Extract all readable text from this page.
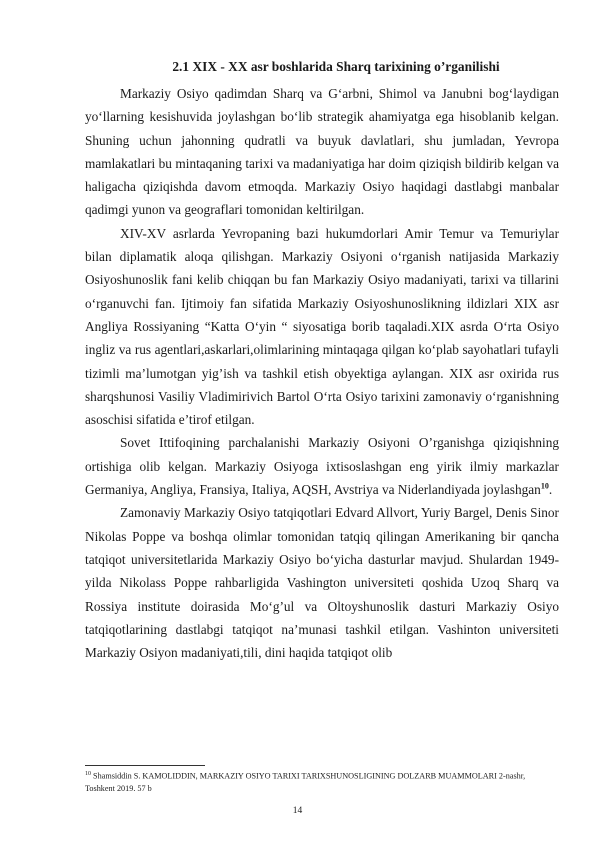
2.1 XIX - XX asr boshlarida Sharq tarixining o’rganilishi

Markaziy Osiyo qadimdan Sharq va G‘arbni, Shimol va Janubni bog‘laydigan yo‘llarning kesishuvida joylashgan bo‘lib strategik ahamiyatga ega hisoblanib kelgan. Shuning uchun jahonning qudratli va buyuk davlatlari, shu jumladan, Yevropa mamlakatlari bu mintaqaning tarixi va madaniyatiga har doim qiziqish bildirib kelgan va haligacha qiziqishda davom etmoqda. Markaziy Osiyo haqidagi dastlabgi manbalar qadimgi yunon va geograflari tomonidan keltirilgan.

XIV-XV asrlarda Yevropaning bazi hukumdorlari Amir Temur va Temuriylar bilan diplamatik aloqa qilishgan. Markaziy Osiyoni o‘rganish natijasida Markaziy Osiyoshunoslik fani kelib chiqqan bu fan Markaziy Osiyo madaniyati, tarixi va tillarini o‘rganuvchi fan. Ijtimoiy fan sifatida Markaziy Osiyoshunoslikning ildizlari XIX asr Angliya Rossiyaning “Katta O‘yin “ siyosatiga borib taqaladi.XIX asrda O‘rta Osiyo ingliz va rus agentlari,askarlari,olimlarining mintaqaga qilgan ko‘plab sayohatlari tufayli tizimli ma’lumotgan yig’ish va tashkil etish obyektiga aylangan. XIX asr oxirida rus sharqshunosi Vasiliy Vladimirivich Bartol O‘rta Osiyo tarixini zamonaviy o‘rganishning asoschisi sifatida e’tirof etilgan.

Sovet Ittifoqining parchalanishi Markaziy Osiyoni O’rganishga qiziqishning ortishiga olib kelgan. Markaziy Osiyoga ixtisoslashgan eng yirik ilmiy markazlar Germaniya, Angliya, Fransiya, Italiya, AQSH, Avstriya va Niderlandiyada joylashgan$^{10}$.

Zamonaviy Markaziy Osiyo tatqiqotlari Edvard Allvort, Yuriy Bargel, Denis Sinor Nikolas Poppe va boshqa olimlar tomonidan tatqiq qilingan Amerikaning bir qancha tatqiqot universitetlarida Markaziy Osiyo bo‘yicha dasturlar mavjud. Shulardan 1949-yilda Nikolass Poppe rahbarligida Vashington universiteti qoshida Uzoq Sharq va Rossiya institute doirasida Mo‘g’ul va Oltoyshunoslik dasturi Markaziy Osiyo tatqiqotlarining dastlabgi tatqiqot na’munasi tashkil etilgan. Vashinton universiteti Markaziy Osiyon madaniyati,tili, dini haqida tatqiqot olib

$^{10}$ Shamsiddin S. KAMOLIDDIN, MARKAZIY OSIYO TARIXI TARIXSHUNOSLIGINING DOLZARB MUAMMOLARI 2-nashr, Toshkent 2019. 57 b
14
